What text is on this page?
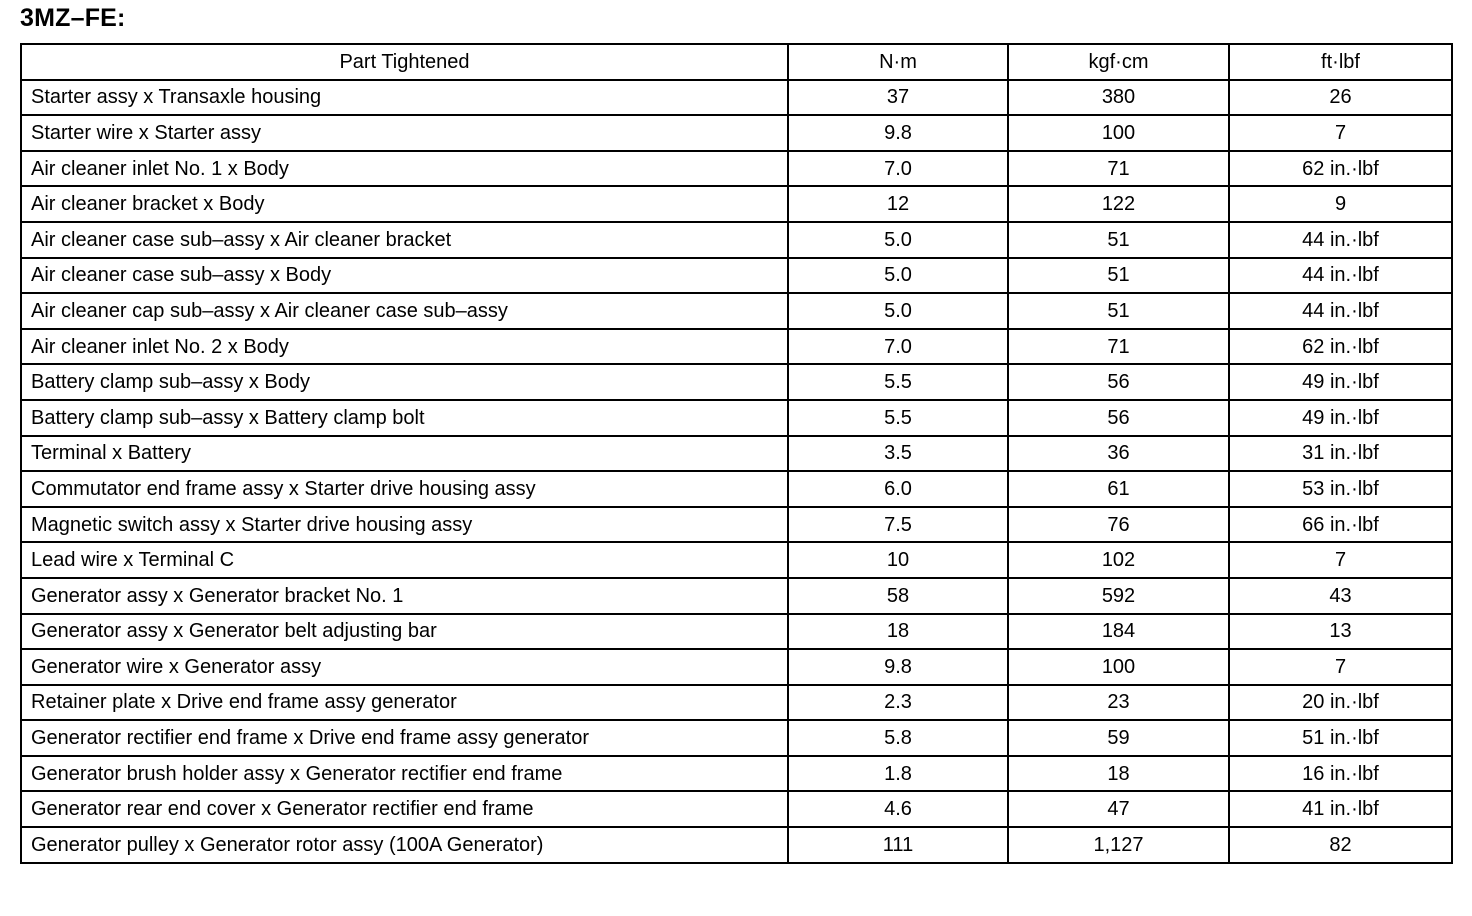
3MZ–FE:
Part Tightened	N·m	kgf·cm	ft·lbf
Starter assy x Transaxle housing	37	380	26
Starter wire x Starter assy	9.8	100	7
Air cleaner inlet No. 1 x Body	7.0	71	62 in.·lbf
Air cleaner bracket x Body	12	122	9
Air cleaner case sub–assy x Air cleaner bracket	5.0	51	44 in.·lbf
Air cleaner case sub–assy x Body	5.0	51	44 in.·lbf
Air cleaner cap sub–assy x Air cleaner case sub–assy	5.0	51	44 in.·lbf
Air cleaner inlet No. 2 x Body	7.0	71	62 in.·lbf
Battery clamp sub–assy x Body	5.5	56	49 in.·lbf
Battery clamp sub–assy x Battery clamp bolt	5.5	56	49 in.·lbf
Terminal x Battery	3.5	36	31 in.·lbf
Commutator end frame assy x Starter drive housing assy	6.0	61	53 in.·lbf
Magnetic switch assy x Starter drive housing assy	7.5	76	66 in.·lbf
Lead wire x Terminal C	10	102	7
Generator assy x Generator bracket No. 1	58	592	43
Generator assy x Generator belt adjusting bar	18	184	13
Generator wire x Generator assy	9.8	100	7
Retainer plate x Drive end frame assy generator	2.3	23	20 in.·lbf
Generator rectifier end frame x Drive end frame assy generator	5.8	59	51 in.·lbf
Generator brush holder assy x Generator rectifier end frame	1.8	18	16 in.·lbf
Generator rear end cover x Generator rectifier end frame	4.6	47	41 in.·lbf
Generator pulley x Generator rotor assy (100A Generator)	111	1,127	82
